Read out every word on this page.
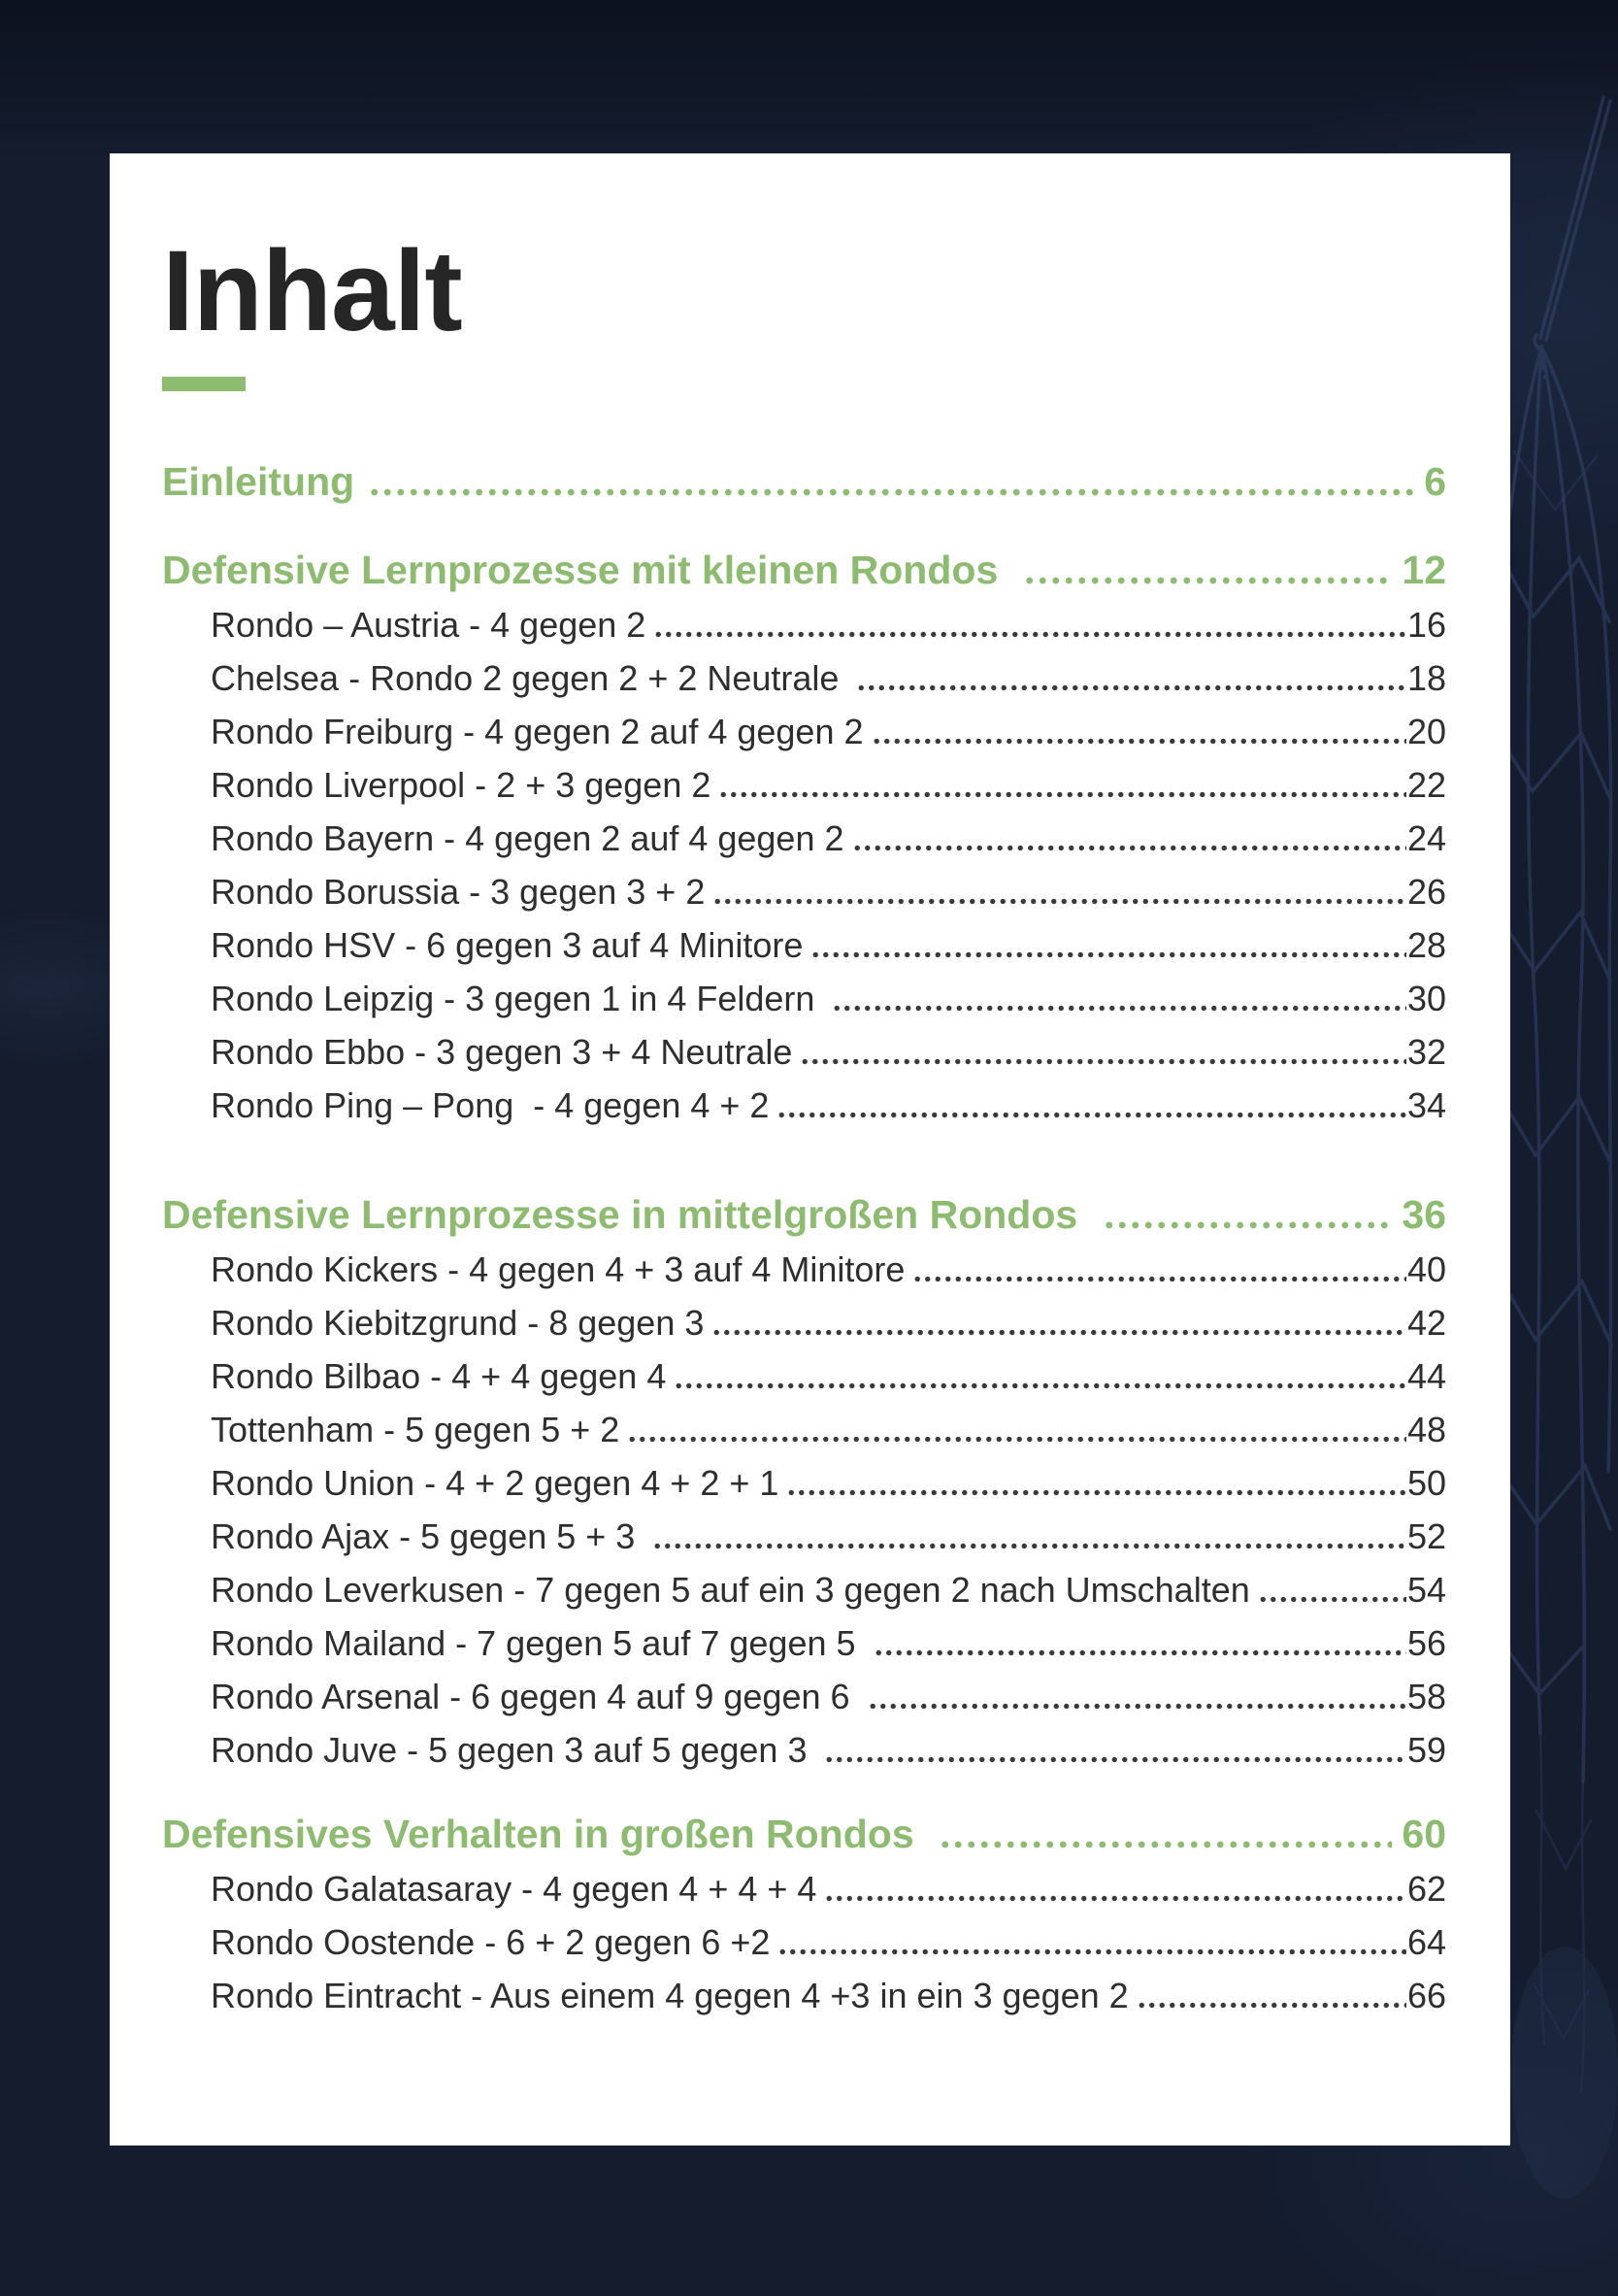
Inhalt
Einleitung	6
Defensive Lernprozesse mit kleinen Rondos	12
Rondo – Austria - 4 gegen 2	16
Chelsea - Rondo 2 gegen 2 + 2 Neutrale	18
Rondo Freiburg - 4 gegen 2 auf 4 gegen 2	20
Rondo Liverpool - 2 + 3 gegen 2	22
Rondo Bayern - 4 gegen 2 auf 4 gegen 2	24
Rondo Borussia - 3 gegen 3 + 2	26
Rondo HSV - 6 gegen 3 auf 4 Minitore	28
Rondo Leipzig - 3 gegen 1 in 4 Feldern	30
Rondo Ebbo - 3 gegen 3 + 4 Neutrale	32
Rondo Ping – Pong  - 4 gegen 4 + 2	34
Defensive Lernprozesse in mittelgroßen Rondos	36
Rondo Kickers - 4 gegen 4 + 3 auf 4 Minitore	40
Rondo Kiebitzgrund - 8 gegen 3	42
Rondo Bilbao - 4 + 4 gegen 4	44
Tottenham - 5 gegen 5 + 2	48
Rondo Union - 4 + 2 gegen 4 + 2 + 1	50
Rondo Ajax - 5 gegen 5 + 3	52
Rondo Leverkusen - 7 gegen 5 auf ein 3 gegen 2 nach Umschalten	54
Rondo Mailand - 7 gegen 5 auf 7 gegen 5	56
Rondo Arsenal - 6 gegen 4 auf 9 gegen 6	58
Rondo Juve - 5 gegen 3 auf 5 gegen 3	59
Defensives Verhalten in großen Rondos	60
Rondo Galatasaray - 4 gegen 4 + 4 + 4	62
Rondo Oostende - 6 + 2 gegen 6 +2	64
Rondo Eintracht - Aus einem 4 gegen 4 +3 in ein 3 gegen 2	66
